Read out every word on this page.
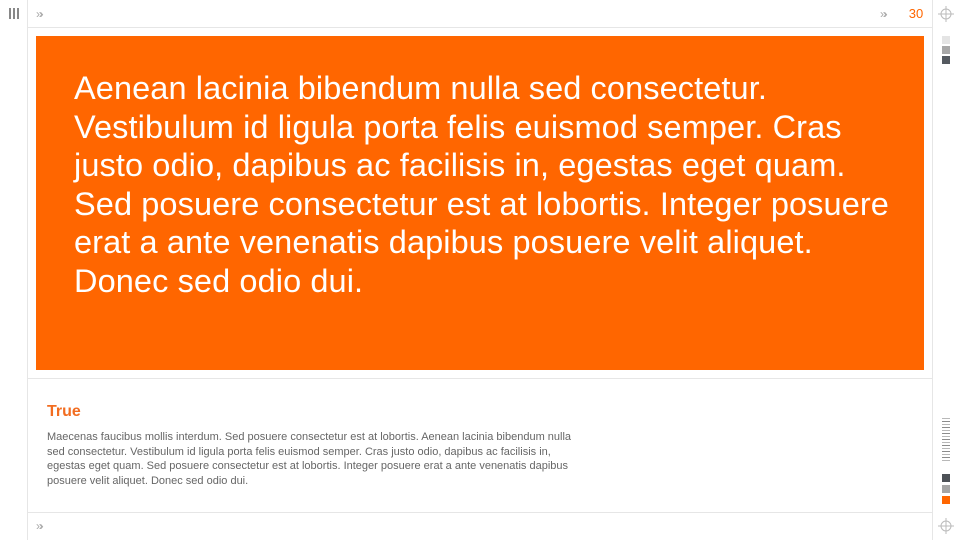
»›	»›
»›
30

Aenean lacinia bibendum nulla sed consectetur. Vestibulum id ligula porta felis euismod semper. Cras justo odio, dapibus ac facilisis in, egestas eget quam. Sed posuere consectetur est at lobortis. Integer posuere erat a ante venenatis dapibus posuere velit aliquet. Donec sed odio dui.

True

Maecenas faucibus mollis interdum. Sed posuere consectetur est at lobortis. Aenean lacinia bibendum nulla sed consectetur. Vestibulum id ligula porta felis euismod semper. Cras justo odio, dapibus ac facilisis in, egestas eget quam. Sed posuere consectetur est at lobortis. Integer posuere erat a ante venenatis dapibus posuere velit aliquet. Donec sed odio dui.
